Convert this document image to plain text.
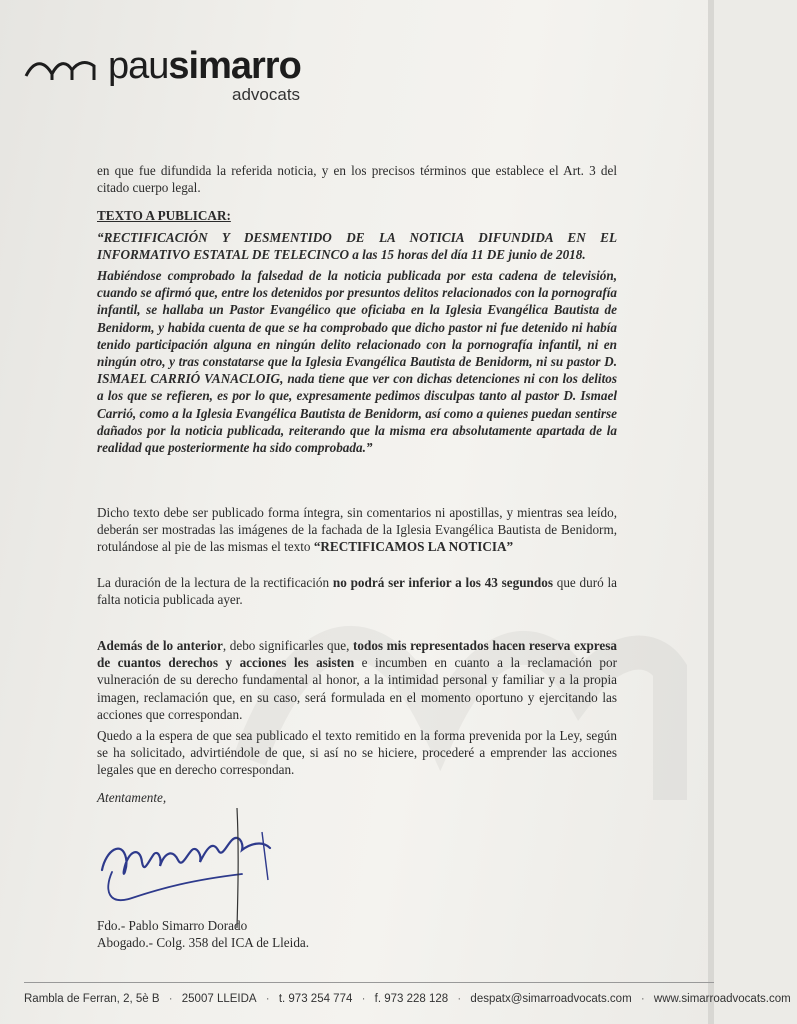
pausimarro
advocats
en que fue difundida la referida noticia, y en los precisos términos que establece el Art. 3 del citado cuerpo legal.
TEXTO A PUBLICAR:
“RECTIFICACIÓN Y DESMENTIDO DE LA NOTICIA DIFUNDIDA EN EL INFORMATIVO ESTATAL DE TELECINCO a las 15 horas del día 11 DE junio de 2018.
Habiéndose comprobado la falsedad de la noticia publicada por esta cadena de televisión, cuando se afirmó que, entre los detenidos por presuntos delitos relacionados con la pornografía infantil, se hallaba un Pastor Evangélico que oficiaba en la Iglesia Evangélica Bautista de Benidorm, y habida cuenta de que se ha comprobado que dicho pastor ni fue detenido ni había tenido participación alguna en ningún delito relacionado con la pornografía infantil, ni en ningún otro, y tras constatarse que la Iglesia Evangélica Bautista de Benidorm, ni su pastor D. ISMAEL CARRIÓ VANACLOIG, nada tiene que ver con dichas detenciones ni con los delitos a los que se refieren, es por lo que, expresamente pedimos disculpas tanto al pastor D. Ismael Carrió, como a la Iglesia Evangélica Bautista de Benidorm, así como a quienes puedan sentirse dañados por la noticia publicada, reiterando que la misma era absolutamente apartada de la realidad que posteriormente ha sido comprobada.”
Dicho texto debe ser publicado forma íntegra, sin comentarios ni apostillas, y mientras sea leído, deberán ser mostradas las imágenes de la fachada de la Iglesia Evangélica Bautista de Benidorm, rotulándose al pie de las mismas el texto “RECTIFICAMOS LA NOTICIA”
La duración de la lectura de la rectificación no podrá ser inferior a los 43 segundos que duró la falta noticia publicada ayer.
Además de lo anterior, debo significarles que, todos mis representados hacen reserva expresa de cuantos derechos y acciones les asisten e incumben en cuanto a la reclamación por vulneración de su derecho fundamental al honor, a la intimidad personal y familiar y a la propia imagen, reclamación que, en su caso, será formulada en el momento oportuno y ejercitando las acciones que correspondan.
Quedo a la espera de que sea publicado el texto remitido en la forma prevenida por la Ley, según se ha solicitado, advirtiéndole de que, si así no se hiciere, procederé a emprender las acciones legales que en derecho correspondan.
Atentamente,
Fdo.- Pablo Simarro Dorado
Abogado.- Colg. 358 del ICA de Lleida.
Rambla de Ferran, 2, 5è B · 25007 LLEIDA · t. 973 254 774 · f. 973 228 128 · despatx@simarroadvocats.com · www.simarroadvocats.com
